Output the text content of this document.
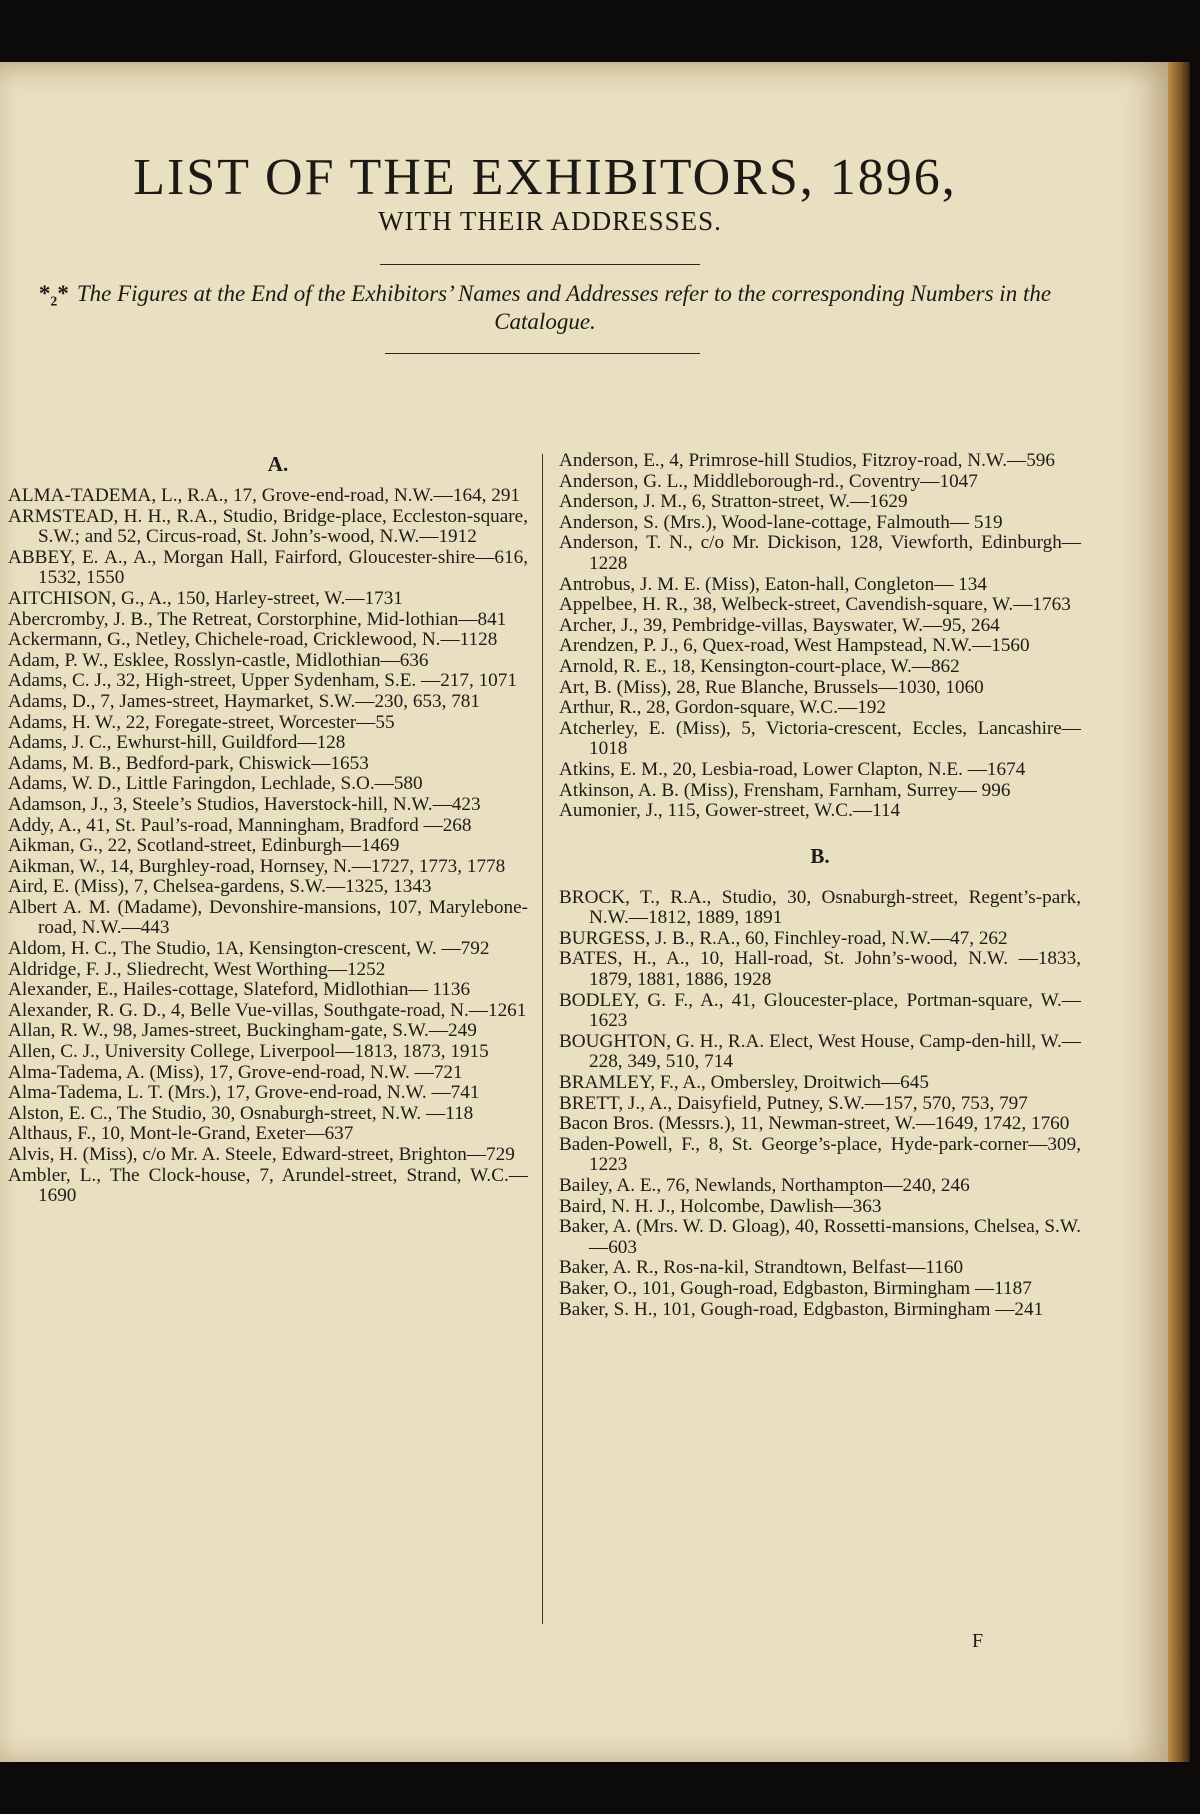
LIST OF THE EXHIBITORS, 1896,
WITH THEIR ADDRESSES.
*₂* The Figures at the End of the Exhibitors’ Names and Addresses refer to the corresponding Numbers in the Catalogue.

A.

ALMA-TADEMA, L., R.A., 17, Grove-end-road, N.W.—164, 291

ARMSTEAD, H. H., R.A., Studio, Bridge-place, Eccleston-square, S.W.; and 52, Circus-road, St. John’s-wood, N.W.—1912

ABBEY, E. A., A., Morgan Hall, Fairford, Gloucester-shire—616, 1532, 1550

AITCHISON, G., A., 150, Harley-street, W.—1731

Abercromby, J. B., The Retreat, Corstorphine, Mid-lothian—841

Ackermann, G., Netley, Chichele-road, Cricklewood, N.—1128

Adam, P. W., Esklee, Rosslyn-castle, Midlothian—636

Adams, C. J., 32, High-street, Upper Sydenham, S.E. —217, 1071

Adams, D., 7, James-street, Haymarket, S.W.—230, 653, 781

Adams, H. W., 22, Foregate-street, Worcester—55

Adams, J. C., Ewhurst-hill, Guildford—128

Adams, M. B., Bedford-park, Chiswick—1653

Adams, W. D., Little Faringdon, Lechlade, S.O.—580

Adamson, J., 3, Steele’s Studios, Haverstock-hill, N.W.—423

Addy, A., 41, St. Paul’s-road, Manningham, Bradford —268

Aikman, G., 22, Scotland-street, Edinburgh—1469

Aikman, W., 14, Burghley-road, Hornsey, N.—1727, 1773, 1778

Aird, E. (Miss), 7, Chelsea-gardens, S.W.—1325, 1343

Albert A. M. (Madame), Devonshire-mansions, 107, Marylebone-road, N.W.—443

Aldom, H. C., The Studio, 1A, Kensington-crescent, W. —792

Aldridge, F. J., Sliedrecht, West Worthing—1252

Alexander, E., Hailes-cottage, Slateford, Midlothian— 1136

Alexander, R. G. D., 4, Belle Vue-villas, Southgate-road, N.—1261

Allan, R. W., 98, James-street, Buckingham-gate, S.W.—249

Allen, C. J., University College, Liverpool—1813, 1873, 1915

Alma-Tadema, A. (Miss), 17, Grove-end-road, N.W. —721

Alma-Tadema, L. T. (Mrs.), 17, Grove-end-road, N.W. —741

Alston, E. C., The Studio, 30, Osnaburgh-street, N.W. —118

Althaus, F., 10, Mont-le-Grand, Exeter—637

Alvis, H. (Miss), c/o Mr. A. Steele, Edward-street, Brighton—729

Ambler, L., The Clock-house, 7, Arundel-street, Strand, W.C.—1690

Anderson, E., 4, Primrose-hill Studios, Fitzroy-road, N.W.—596

Anderson, G. L., Middleborough-rd., Coventry—1047

Anderson, J. M., 6, Stratton-street, W.—1629

Anderson, S. (Mrs.), Wood-lane-cottage, Falmouth— 519

Anderson, T. N., c/o Mr. Dickison, 128, Viewforth, Edinburgh—1228

Antrobus, J. M. E. (Miss), Eaton-hall, Congleton— 134

Appelbee, H. R., 38, Welbeck-street, Cavendish-square, W.—1763

Archer, J., 39, Pembridge-villas, Bayswater, W.—95, 264

Arendzen, P. J., 6, Quex-road, West Hampstead, N.W.—1560

Arnold, R. E., 18, Kensington-court-place, W.—862

Art, B. (Miss), 28, Rue Blanche, Brussels—1030, 1060

Arthur, R., 28, Gordon-square, W.C.—192

Atcherley, E. (Miss), 5, Victoria-crescent, Eccles, Lancashire—1018

Atkins, E. M., 20, Lesbia-road, Lower Clapton, N.E. —1674

Atkinson, A. B. (Miss), Frensham, Farnham, Surrey— 996

Aumonier, J., 115, Gower-street, W.C.—114

B.

BROCK, T., R.A., Studio, 30, Osnaburgh-street, Regent’s-park, N.W.—1812, 1889, 1891

BURGESS, J. B., R.A., 60, Finchley-road, N.W.—47, 262

BATES, H., A., 10, Hall-road, St. John’s-wood, N.W. —1833, 1879, 1881, 1886, 1928

BODLEY, G. F., A., 41, Gloucester-place, Portman-square, W.—1623

BOUGHTON, G. H., R.A. Elect, West House, Camp-den-hill, W.—228, 349, 510, 714

BRAMLEY, F., A., Ombersley, Droitwich—645

BRETT, J., A., Daisyfield, Putney, S.W.—157, 570, 753, 797

Bacon Bros. (Messrs.), 11, Newman-street, W.—1649, 1742, 1760

Baden-Powell, F., 8, St. George’s-place, Hyde-park-corner—309, 1223

Bailey, A. E., 76, Newlands, Northampton—240, 246

Baird, N. H. J., Holcombe, Dawlish—363

Baker, A. (Mrs. W. D. Gloag), 40, Rossetti-mansions, Chelsea, S.W.—603

Baker, A. R., Ros-na-kil, Strandtown, Belfast—1160

Baker, O., 101, Gough-road, Edgbaston, Birmingham —1187

Baker, S. H., 101, Gough-road, Edgbaston, Birmingham —241

F
